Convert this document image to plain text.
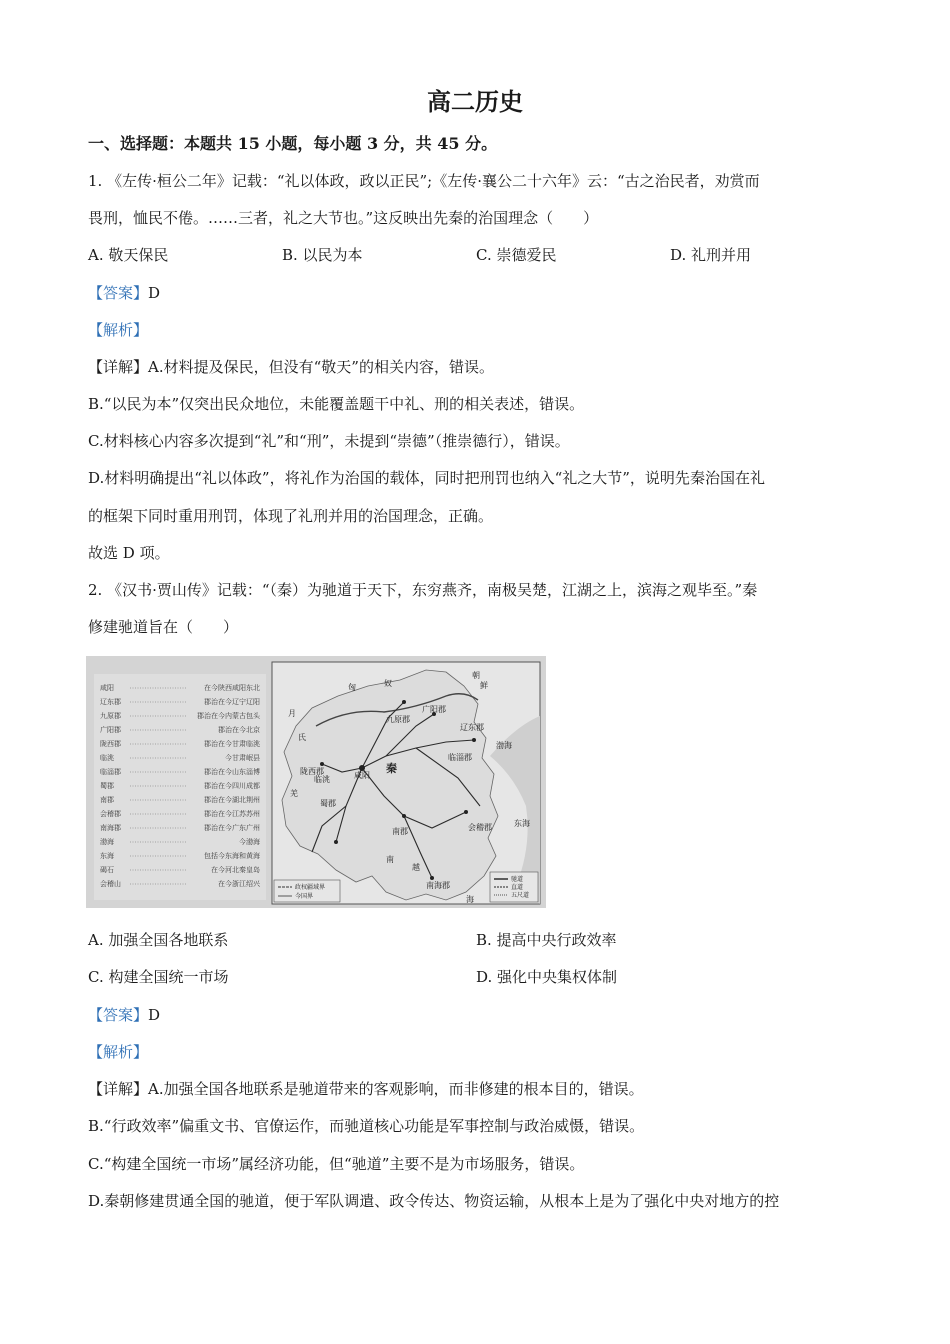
高二历史
一、选择题：本题共 15 小题，每小题 3 分，共 45 分。
1. 《左传·桓公二年》记载：“礼以体政，政以正民”;《左传·襄公二十六年》云：“古之治民者，劝赏而
畏刑，恤民不倦。……三者，礼之大节也。”这反映出先秦的治国理念（　　）
A. 敬天保民	B. 以民为本	C. 崇德爱民	D. 礼刑并用
【答案】D
【解析】
【详解】A.材料提及保民，但没有“敬天”的相关内容，错误。
B.“以民为本”仅突出民众地位，未能覆盖题干中礼、刑的相关表述，错误。
C.材料核心内容多次提到“礼”和“刑”，未提到“崇德”（推崇德行），错误。
D.材料明确提出“礼以体政”，将礼作为治国的载体，同时把刑罚也纳入“礼之大节”，说明先秦治国在礼
的框架下同时重用刑罚，体现了礼刑并用的治国理念，正确。
故选 D 项。
2. 《汉书·贾山传》记载：“（秦）为驰道于天下，东穷燕齐，南极吴楚，江湖之上，滨海之观毕至。”秦
修建驰道旨在（　　）
咸阳	在今陕西咸阳东北
辽东郡	郡治在今辽宁辽阳
九原郡	郡治在今内蒙古包头
广阳郡	郡治在今北京
陇西郡	郡治在今甘肃临洮
临洮	今甘肃岷县
临淄郡	郡治在今山东淄博
蜀郡	郡治在今四川成都
南郡	郡治在今湖北荆州
会稽郡	郡治在今江苏苏州
南海郡	郡治在今广东广州
渤海	今渤海
东海	包括今东海和黄海
碣石	在今河北秦皇岛
会稽山	在今浙江绍兴
匈	奴
朝
鲜
月
氏
九原郡
广阳郡
辽东郡
陇西郡
临洮	咸阳
秦
临淄郡
蜀郡
南郡	会稽郡
南海郡
越
羌
渤海
东海
南
海
政权疆域界
今国界
驰道
直道
五尺道
A. 加强全国各地联系	B. 提高中央行政效率
C. 构建全国统一市场	D. 强化中央集权体制
【答案】D
【解析】
【详解】A.加强全国各地联系是驰道带来的客观影响，而非修建的根本目的，错误。
B.“行政效率”偏重文书、官僚运作，而驰道核心功能是军事控制与政治威慑，错误。
C.“构建全国统一市场”属经济功能，但“驰道”主要不是为市场服务，错误。
D.秦朝修建贯通全国的驰道，便于军队调遣、政令传达、物资运输，从根本上是为了强化中央对地方的控
